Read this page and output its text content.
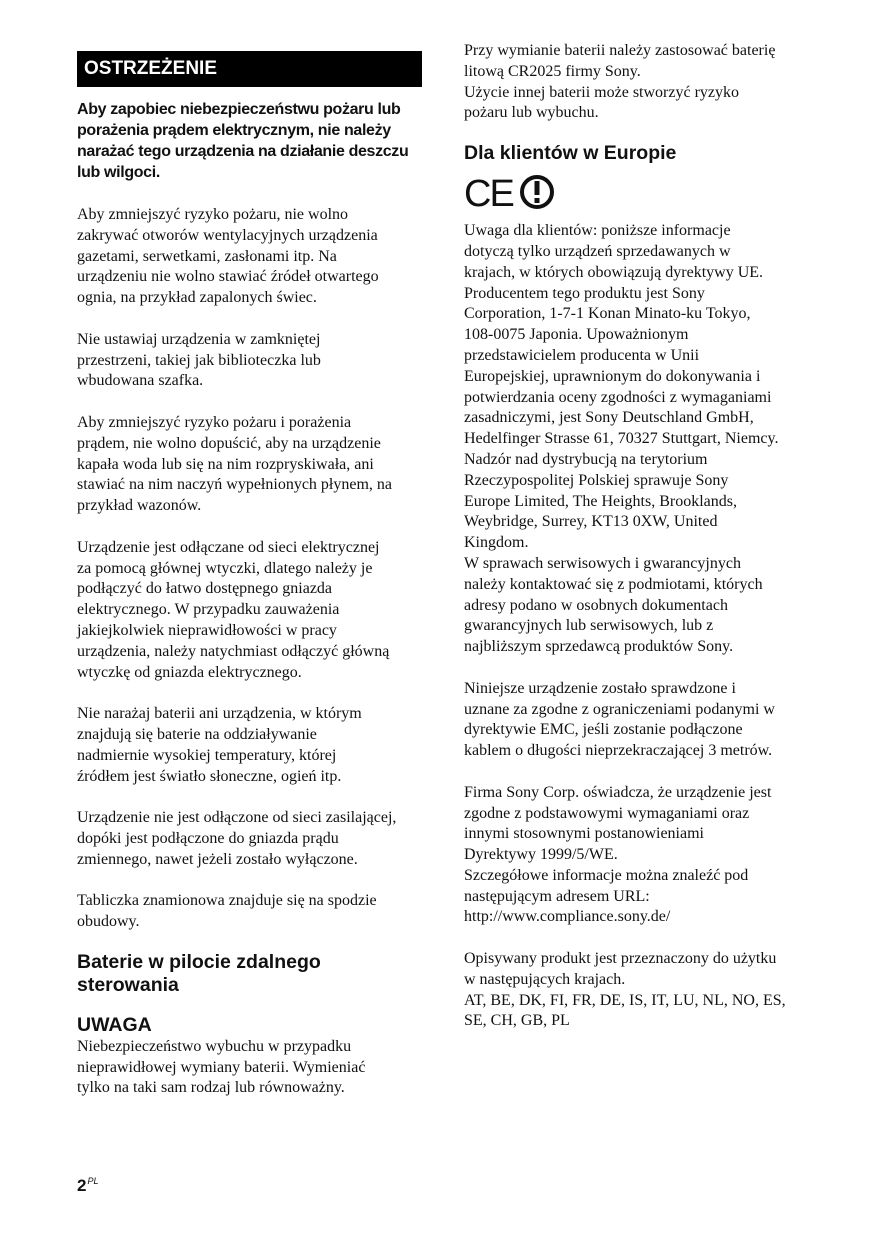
OSTRZEŻENIE
Aby zapobiec niebezpieczeństwu pożaru lub porażenia prądem elektrycznym, nie należy narażać tego urządzenia na działanie deszczu lub wilgoci.

Aby zmniejszyć ryzyko pożaru, nie wolno
zakrywać otworów wentylacyjnych urządzenia
gazetami, serwetkami, zasłonami itp. Na
urządzeniu nie wolno stawiać źródeł otwartego
ognia, na przykład zapalonych świec.

Nie ustawiaj urządzenia w zamkniętej
przestrzeni, takiej jak biblioteczka lub
wbudowana szafka.

Aby zmniejszyć ryzyko pożaru i porażenia
prądem, nie wolno dopuścić, aby na urządzenie
kapała woda lub się na nim rozpryskiwała, ani
stawiać na nim naczyń wypełnionych płynem, na
przykład wazonów.

Urządzenie jest odłączane od sieci elektrycznej
za pomocą głównej wtyczki, dlatego należy je
podłączyć do łatwo dostępnego gniazda
elektrycznego. W przypadku zauważenia
jakiejkolwiek nieprawidłowości w pracy
urządzenia, należy natychmiast odłączyć główną
wtyczkę od gniazda elektrycznego.

Nie narażaj baterii ani urządzenia, w którym
znajdują się baterie na oddziaływanie
nadmiernie wysokiej temperatury, której
źródłem jest światło słoneczne, ogień itp.

Urządzenie nie jest odłączone od sieci zasilającej,
dopóki jest podłączone do gniazda prądu
zmiennego, nawet jeżeli zostało wyłączone.

Tabliczka znamionowa znajduje się na spodzie
obudowy.

Baterie w pilocie zdalnego sterowania
UWAGA

Niebezpieczeństwo wybuchu w przypadku
nieprawidłowej wymiany baterii. Wymieniać
tylko na taki sam rodzaj lub równoważny.

Przy wymianie baterii należy zastosować baterię
litową CR2025 firmy Sony.
Użycie innej baterii może stworzyć ryzyko
pożaru lub wybuchu.

Dla klientów w Europie
CE

Uwaga dla klientów: poniższe informacje
dotyczą tylko urządzeń sprzedawanych w
krajach, w których obowiązują dyrektywy UE.
Producentem tego produktu jest Sony
Corporation, 1-7-1 Konan Minato-ku Tokyo,
108-0075 Japonia. Upoważnionym
przedstawicielem producenta w Unii
Europejskiej, uprawnionym do dokonywania i
potwierdzania oceny zgodności z wymaganiami
zasadniczymi, jest Sony Deutschland GmbH,
Hedelfinger Strasse 61, 70327 Stuttgart, Niemcy.
Nadzór nad dystrybucją na terytorium
Rzeczypospolitej Polskiej sprawuje Sony
Europe Limited, The Heights, Brooklands,
Weybridge, Surrey, KT13 0XW, United
Kingdom.
W sprawach serwisowych i gwarancyjnych
należy kontaktować się z podmiotami, których
adresy podano w osobnych dokumentach
gwarancyjnych lub serwisowych, lub z
najbliższym sprzedawcą produktów Sony.

Niniejsze urządzenie zostało sprawdzone i
uznane za zgodne z ograniczeniami podanymi w
dyrektywie EMC, jeśli zostanie podłączone
kablem o długości nieprzekraczającej 3 metrów.

Firma Sony Corp. oświadcza, że urządzenie jest
zgodne z podstawowymi wymaganiami oraz
innymi stosownymi postanowieniami
Dyrektywy 1999/5/WE.
Szczegółowe informacje można znaleźć pod
następującym adresem URL:
http://www.compliance.sony.de/

Opisywany produkt jest przeznaczony do użytku
w następujących krajach.
AT, BE, DK, FI, FR, DE, IS, IT, LU, NL, NO, ES,
SE, CH, GB, PL

$2^{PL}$
